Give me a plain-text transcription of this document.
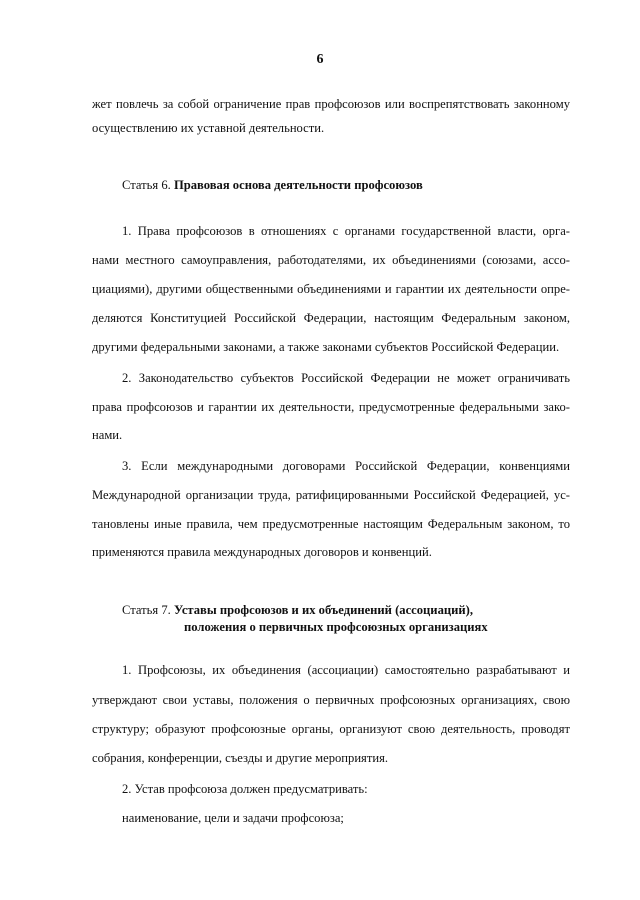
6
жет повлечь за собой ограничение прав профсоюзов или воспрепятствовать законному
осуществлению их уставной деятельности.
Статья 6. Правовая основа деятельности профсоюзов
1. Права профсоюзов в отношениях с органами государственной власти, орга-
нами местного самоуправления, работодателями, их объединениями (союзами, ассо-
циациями), другими общественными объединениями и гарантии их деятельности опре-
деляются Конституцией Российской Федерации, настоящим Федеральным законом,
другими федеральными законами, а также законами субъектов Российской Федерации.
2. Законодательство субъектов Российской Федерации не может ограничивать
права профсоюзов и гарантии их деятельности, предусмотренные федеральными зако-
нами.
3. Если международными договорами Российской Федерации, конвенциями
Международной организации труда, ратифицированными Российской Федерацией, ус-
тановлены иные правила, чем предусмотренные настоящим Федеральным законом, то
применяются правила международных договоров и конвенций.
Статья 7. Уставы профсоюзов и их объединений (ассоциаций),
положения о первичных профсоюзных организациях
1. Профсоюзы, их объединения (ассоциации) самостоятельно разрабатывают и
утверждают свои уставы, положения о первичных профсоюзных организациях, свою
структуру; образуют профсоюзные органы, организуют свою деятельность, проводят
собрания, конференции, съезды и другие мероприятия.
2. Устав профсоюза должен предусматривать:
наименование, цели и задачи профсоюза;
